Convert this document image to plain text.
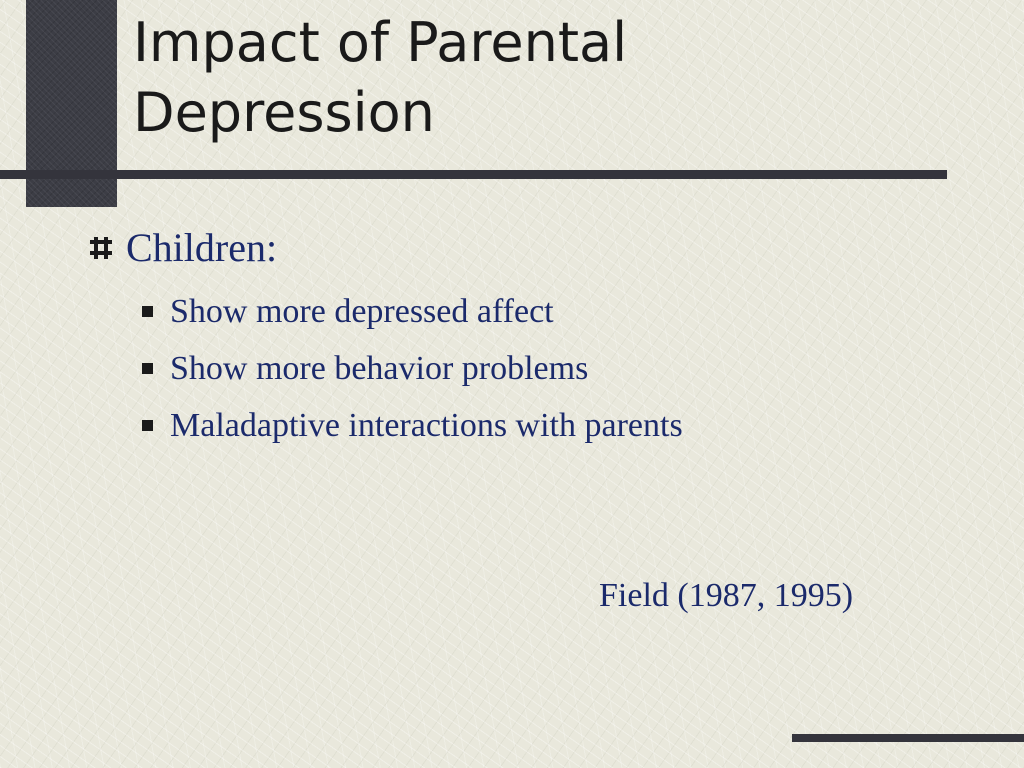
Impact of Parental
Depression
Children:
Show more depressed affect
Show more behavior problems
Maladaptive interactions with parents
Field (1987, 1995)
